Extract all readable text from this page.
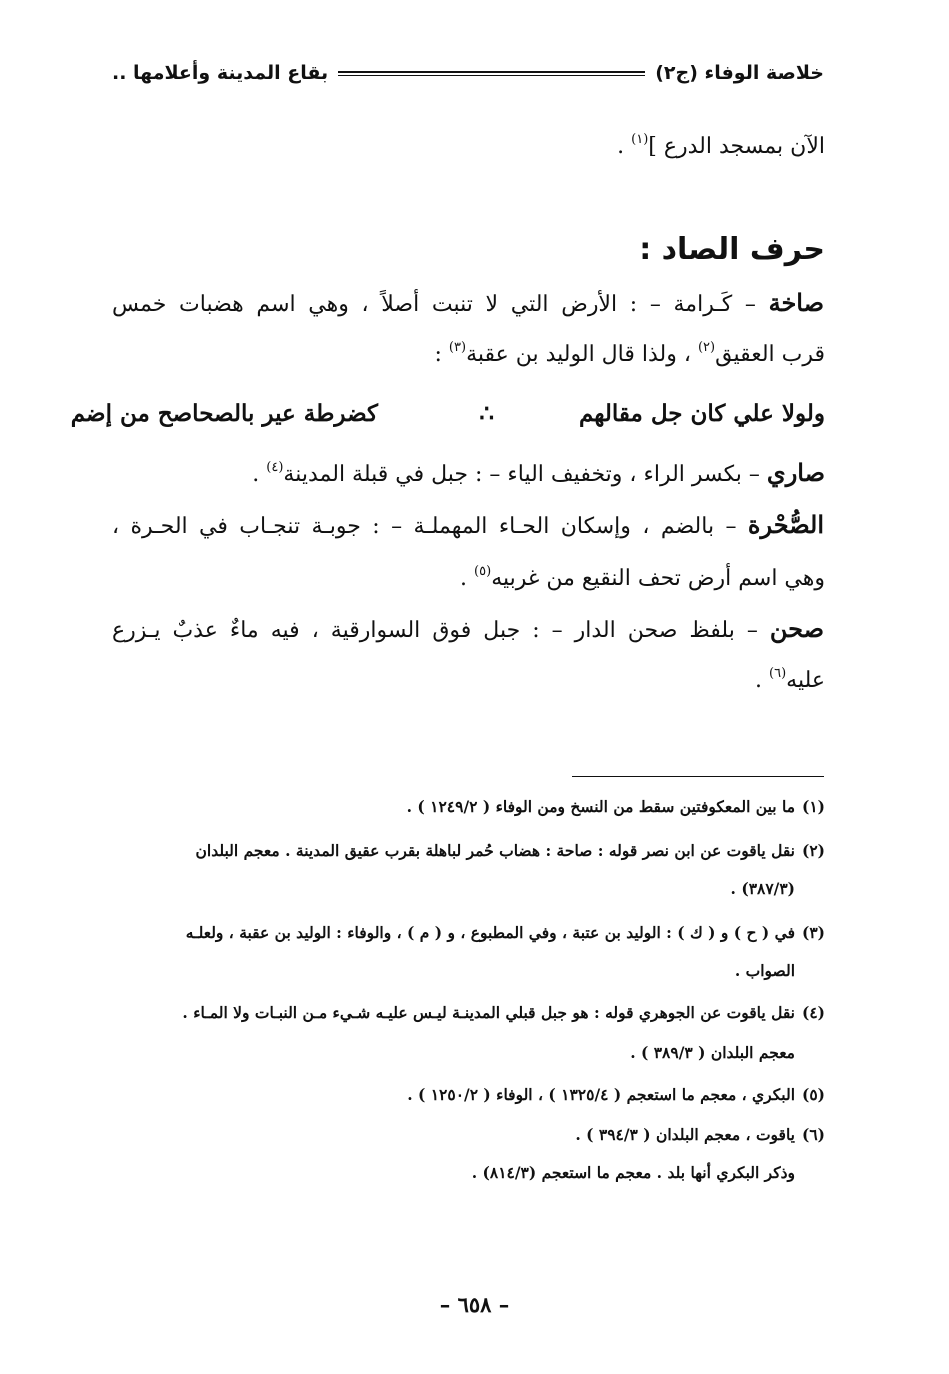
خلاصة الوفاء (ج٢)
بقاع المدينة وأعلامها ..
الآن بمسجد الدرع ]$^{(١)}$ .
حرف الصاد :
صاخة – كَـرامة – : الأرض التي لا تنبت أصلاً ، وهي اسم هضبات خمس
قرب العقيق$^{(٢)}$ ، ولذا قال الوليد بن عقبة$^{(٣)}$ :
ولولا علي كان جل مقالهم
∴
كضرطة عير بالصحاصح من إضم
صاري – بكسر الراء ، وتخفيف الياء – : جبل في قبلة المدينة$^{(٤)}$ .
الصُّحْرة – بالضم ، وإسكان الحـاء المهملـة – : جوبـة تنجـاب في الحـرة ،
وهي اسم أرض تحف النقيع من غربيه$^{(٥)}$ .
صحن – بلفظ صحن الدار – : جبل فوق السوارقية ، فيه ماءٌ عذبٌ يـزرع
عليه$^{(٦)}$ .
(١)ما بين المعكوفتين سقط من النسخ ومن الوفاء ( ١٢٤٩/٢ ) .
(٢)نقل ياقوت عن ابن نصر قوله : صاحة : هضاب حُمر لباهلة بقرب عقيق المدينة . معجم البلدان
(٣٨٧/٣) .
(٣)في ( ح ) و ( ك ) : الوليد بن عتبة ، وفي المطبوع ، و ( م ) ، والوفاء : الوليد بن عقبة ، ولعلـه
الصواب .
(٤)نقل ياقوت عن الجوهري قوله : هو جبل قبلي المدينـة ليـس عليـه شـيء مـن النبـات ولا المـاء .
معجم البلدان ( ٣٨٩/٣ ) .
(٥)البكري ، معجم ما استعجم ( ١٣٢٥/٤ ) ، الوفاء ( ١٢٥٠/٢ ) .
(٦)ياقوت ، معجم البلدان ( ٣٩٤/٣ ) .
وذكر البكري أنها بلد . معجم ما استعجم (٨١٤/٣) .
– ٦٥٨ –
